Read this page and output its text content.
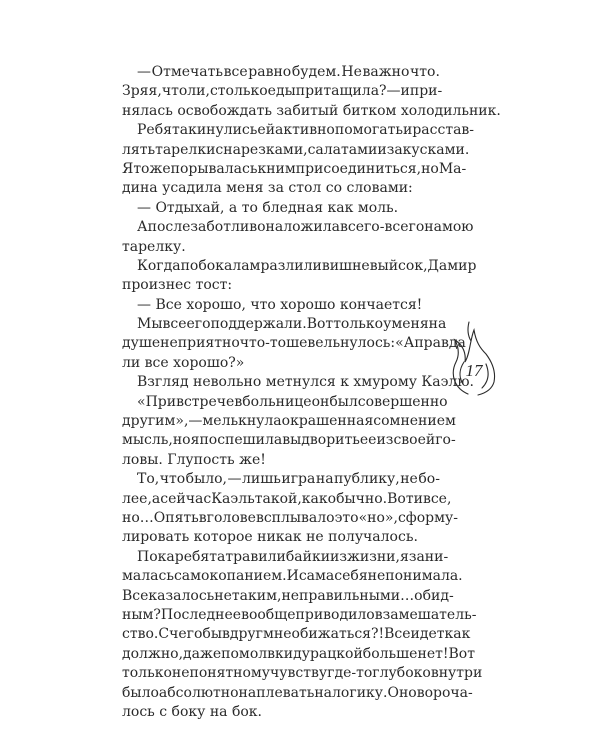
— Отмечать все равно будем. Не важно что.
Зря я, что ли, столько еды притащила? — и при-
нялась освобождать забитый битком холодильник.
Ребята кинулись ей активно помогать и расстав-
лять тарелки с нарезками, салатами и закусками.
Я тоже порывалась к ним присоединиться, но Ма-
дина усадила меня за стол со словами:
— Отдыхай, а то бледная как моль.
А после заботливо наложила всего-всего на мою
тарелку.
Когда по бокалам разлили вишневый сок, Дамир
произнес тост:
— Все хорошо, что хорошо кончается!
Мы все его поддержали. Вот только у меня на
душе неприятно что-то шевельнулось: «А правда
ли все хорошо?»
Взгляд невольно метнулся к хмурому Каэлю.
«При встрече в больнице он был совершенно
другим», — мелькнула окрашенная сомнением
мысль, но я поспешила выдворить ее из своей го-
ловы. Глупость же!
То, что было, — лишь игра на публику, не бо-
лее, а сейчас Каэль такой, как обычно. Вот и все,
но… Опять в голове всплывало это «но», сформу-
лировать которое никак не получалось.
Пока ребята травили байки из жизни, я зани-
малась самокопанием. И сама себя не понимала.
Все казалось не таким, неправильным и… обид-
ным? Последнее вообще приводило в замешатель-
ство. С чего бы вдруг мне обижаться?! Все идет как
должно, даже помолвки дурацкой больше нет! Вот
только непонятному чувству где-то глубоко внутри
было абсолютно наплевать на логику. Оно ворочa-
лось с боку на бок.
17
